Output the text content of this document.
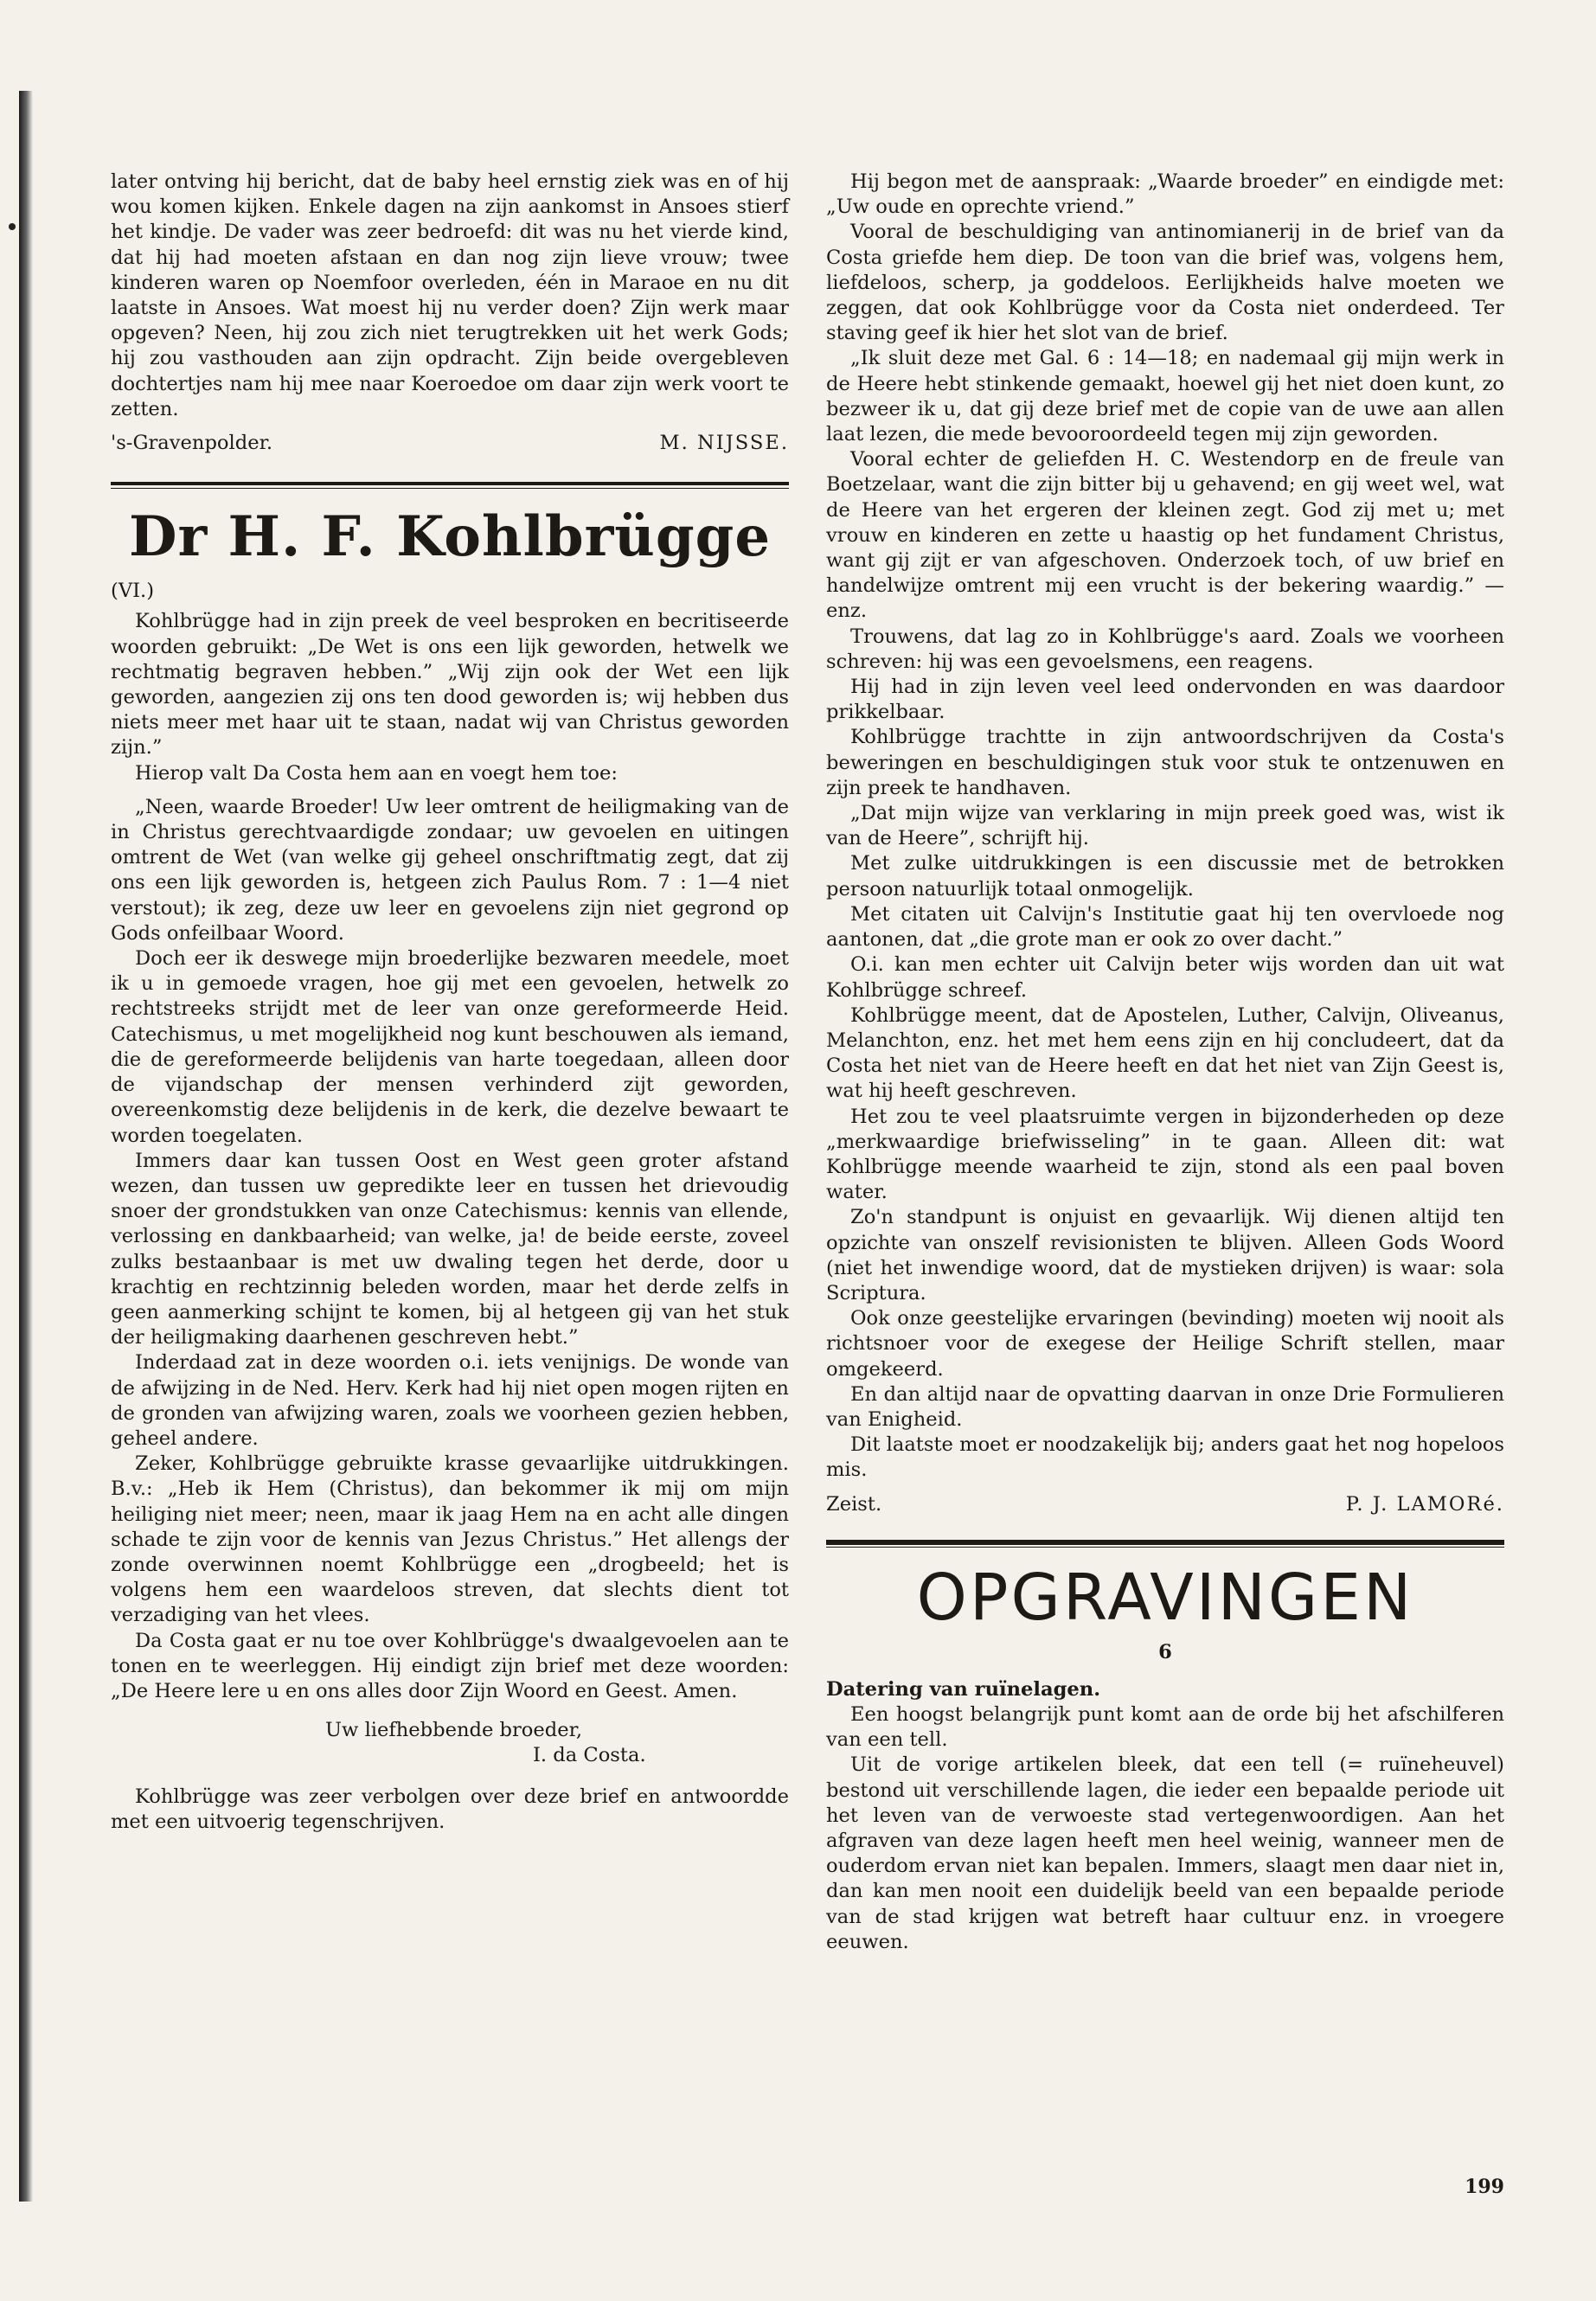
later ontving hij bericht, dat de baby heel ernstig ziek was en of hij wou komen kijken. Enkele dagen na zijn aankomst in Ansoes stierf het kindje. De vader was zeer bedroefd: dit was nu het vierde kind, dat hij had moeten afstaan en dan nog zijn lieve vrouw; twee kinderen waren op Noemfoor overleden, één in Maraoe en nu dit laatste in Ansoes. Wat moest hij nu verder doen? Zijn werk maar opgeven? Neen, hij zou zich niet terugtrekken uit het werk Gods; hij zou vasthouden aan zijn opdracht. Zijn beide overgebleven dochtertjes nam hij mee naar Koeroedoe om daar zijn werk voort te zetten.

's-Gravenpolder.	M. NIJSSE.
Dr H. F. Kohlbrügge
(VI.)

Kohlbrügge had in zijn preek de veel besproken en becritiseerde woorden gebruikt: „De Wet is ons een lijk geworden, hetwelk we rechtmatig begraven hebben.” „Wij zijn ook der Wet een lijk geworden, aangezien zij ons ten dood geworden is; wij hebben dus niets meer met haar uit te staan, nadat wij van Christus geworden zijn.”

Hierop valt Da Costa hem aan en voegt hem toe:

„Neen, waarde Broeder! Uw leer omtrent de heiligmaking van de in Christus gerechtvaardigde zondaar; uw gevoelen en uitingen omtrent de Wet (van welke gij geheel onschriftmatig zegt, dat zij ons een lijk geworden is, hetgeen zich Paulus Rom. 7 : 1—4 niet verstout); ik zeg, deze uw leer en gevoelens zijn niet gegrond op Gods onfeilbaar Woord.

Doch eer ik deswege mijn broederlijke bezwaren meedele, moet ik u in gemoede vragen, hoe gij met een gevoelen, hetwelk zo rechtstreeks strijdt met de leer van onze gereformeerde Heid. Catechismus, u met mogelijkheid nog kunt beschouwen als iemand, die de gereformeerde belijdenis van harte toegedaan, alleen door de vijandschap der mensen verhinderd zijt geworden, overeenkomstig deze belijdenis in de kerk, die dezelve bewaart te worden toegelaten.

Immers daar kan tussen Oost en West geen groter afstand wezen, dan tussen uw gepredikte leer en tussen het drievoudig snoer der grondstukken van onze Catechismus: kennis van ellende, verlossing en dankbaarheid; van welke, ja! de beide eerste, zoveel zulks bestaanbaar is met uw dwaling tegen het derde, door u krachtig en rechtzinnig beleden worden, maar het derde zelfs in geen aanmerking schijnt te komen, bij al hetgeen gij van het stuk der heiligmaking daarhenen geschreven hebt.”

Inderdaad zat in deze woorden o.i. iets venijnigs. De wonde van de afwijzing in de Ned. Herv. Kerk had hij niet open mogen rijten en de gronden van afwijzing waren, zoals we voorheen gezien hebben, geheel andere.

Zeker, Kohlbrügge gebruikte krasse gevaarlijke uitdrukkingen. B.v.: „Heb ik Hem (Christus), dan bekommer ik mij om mijn heiliging niet meer; neen, maar ik jaag Hem na en acht alle dingen schade te zijn voor de kennis van Jezus Christus.” Het allengs der zonde overwinnen noemt Kohlbrügge een „drogbeeld; het is volgens hem een waardeloos streven, dat slechts dient tot verzadiging van het vlees.

Da Costa gaat er nu toe over Kohlbrügge's dwaalgevoelen aan te tonen en te weerleggen. Hij eindigt zijn brief met deze woorden: „De Heere lere u en ons alles door Zijn Woord en Geest. Amen.

Uw liefhebbende broeder,
I. da Costa.

Kohlbrügge was zeer verbolgen over deze brief en antwoordde met een uitvoerig tegenschrijven.

Hij begon met de aanspraak: „Waarde broeder” en eindigde met: „Uw oude en oprechte vriend.”

Vooral de beschuldiging van antinomianerij in de brief van da Costa griefde hem diep. De toon van die brief was, volgens hem, liefdeloos, scherp, ja goddeloos. Eerlijkheids halve moeten we zeggen, dat ook Kohlbrügge voor da Costa niet onderdeed. Ter staving geef ik hier het slot van de brief.

„Ik sluit deze met Gal. 6 : 14—18; en nademaal gij mijn werk in de Heere hebt stinkende gemaakt, hoewel gij het niet doen kunt, zo bezweer ik u, dat gij deze brief met de copie van de uwe aan allen laat lezen, die mede bevooroordeeld tegen mij zijn geworden.

Vooral echter de geliefden H. C. Westendorp en de freule van Boetzelaar, want die zijn bitter bij u gehavend; en gij weet wel, wat de Heere van het ergeren der kleinen zegt. God zij met u; met vrouw en kinderen en zette u haastig op het fundament Christus, want gij zijt er van afgeschoven. Onderzoek toch, of uw brief en handelwijze omtrent mij een vrucht is der bekering waardig.” — enz.

Trouwens, dat lag zo in Kohlbrügge's aard. Zoals we voorheen schreven: hij was een gevoelsmens, een reagens.

Hij had in zijn leven veel leed ondervonden en was daardoor prikkelbaar.

Kohlbrügge trachtte in zijn antwoordschrijven da Costa's beweringen en beschuldigingen stuk voor stuk te ontzenuwen en zijn preek te handhaven.

„Dat mijn wijze van verklaring in mijn preek goed was, wist ik van de Heere”, schrijft hij.

Met zulke uitdrukkingen is een discussie met de betrokken persoon natuurlijk totaal onmogelijk.

Met citaten uit Calvijn's Institutie gaat hij ten overvloede nog aantonen, dat „die grote man er ook zo over dacht.”

O.i. kan men echter uit Calvijn beter wijs worden dan uit wat Kohlbrügge schreef.

Kohlbrügge meent, dat de Apostelen, Luther, Calvijn, Oliveanus, Melanchton, enz. het met hem eens zijn en hij concludeert, dat da Costa het niet van de Heere heeft en dat het niet van Zijn Geest is, wat hij heeft geschreven.

Het zou te veel plaatsruimte vergen in bijzonderheden op deze „merkwaardige briefwisseling” in te gaan. Alleen dit: wat Kohlbrügge meende waarheid te zijn, stond als een paal boven water.

Zo'n standpunt is onjuist en gevaarlijk. Wij dienen altijd ten opzichte van onszelf revisionisten te blijven. Alleen Gods Woord (niet het inwendige woord, dat de mystieken drijven) is waar: sola Scriptura.

Ook onze geestelijke ervaringen (bevinding) moeten wij nooit als richtsnoer voor de exegese der Heilige Schrift stellen, maar omgekeerd.

En dan altijd naar de opvatting daarvan in onze Drie Formulieren van Enigheid.

Dit laatste moet er noodzakelijk bij; anders gaat het nog hopeloos mis.

Zeist.	P. J. LAMORé.
OPGRAVINGEN
6
Datering van ruïnelagen.

Een hoogst belangrijk punt komt aan de orde bij het afschilferen van een tell.

Uit de vorige artikelen bleek, dat een tell (= ruïneheuvel) bestond uit verschillende lagen, die ieder een bepaalde periode uit het leven van de verwoeste stad vertegenwoordigen. Aan het afgraven van deze lagen heeft men heel weinig, wanneer men de ouderdom ervan niet kan bepalen. Immers, slaagt men daar niet in, dan kan men nooit een duidelijk beeld van een bepaalde periode van de stad krijgen wat betreft haar cultuur enz. in vroegere eeuwen.

199
